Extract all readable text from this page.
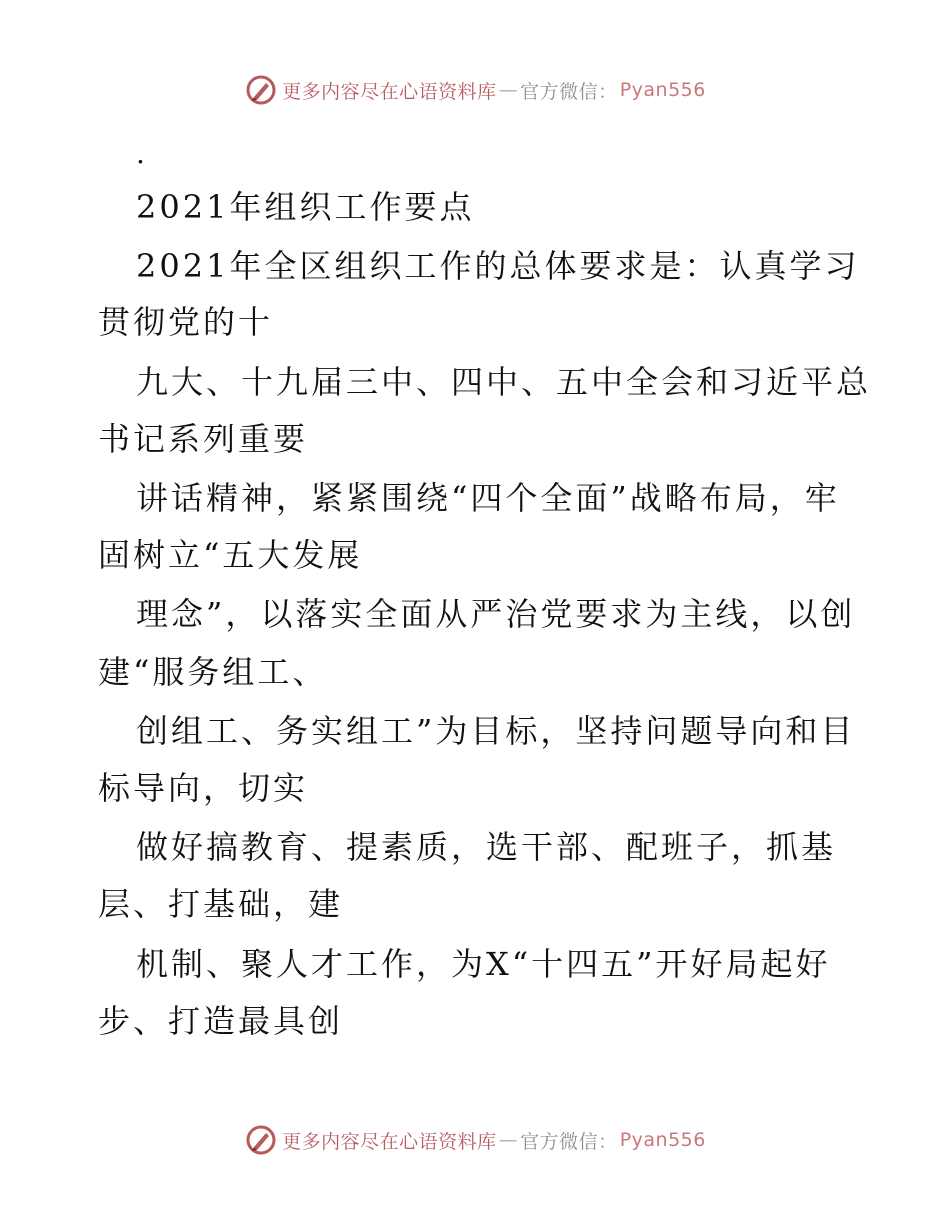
更多内容尽在心语资料库 — 官方微信： Pyan556
.
2021年组织工作要点
2021年全区组织工作的总体要求是：认真学习
贯彻党的十
九大、十九届三中、四中、五中全会和习近平总
书记系列重要
讲话精神，紧紧围绕“四个全面”战略布局，牢
固树立“五大发展
理念”，以落实全面从严治党要求为主线，以创
建“服务组工、
创组工、务实组工”为目标，坚持问题导向和目
标导向，切实
做好搞教育、提素质，选干部、配班子，抓基
层、打基础，建
机制、聚人才工作，为X“十四五”开好局起好
步、打造最具创
更多内容尽在心语资料库 — 官方微信： Pyan556
